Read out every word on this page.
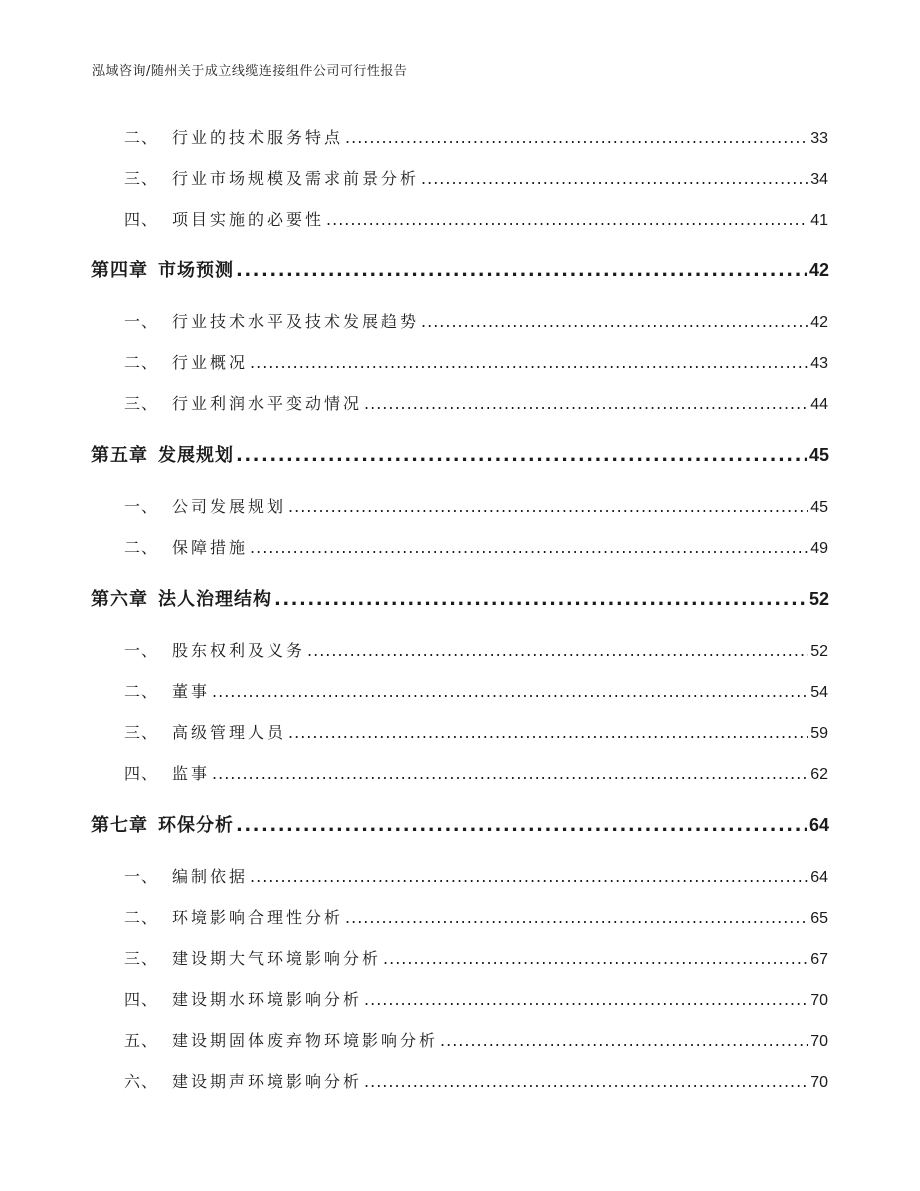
泓域咨询/随州关于成立线缆连接组件公司可行性报告
二、 行业的技术服务特点 .....	33
三、 行业市场规模及需求前景分析 .....	34
四、 项目实施的必要性 .....	41
第四章 市场预测 .....	42
一、 行业技术水平及技术发展趋势 .....	42
二、 行业概况 .....	43
三、 行业利润水平变动情况 .....	44
第五章 发展规划 .....	45
一、 公司发展规划 .....	45
二、 保障措施 .....	49
第六章 法人治理结构 .....	52
一、 股东权利及义务 .....	52
二、 董事 .....	54
三、 高级管理人员 .....	59
四、 监事 .....	62
第七章 环保分析 .....	64
一、 编制依据 .....	64
二、 环境影响合理性分析 .....	65
三、 建设期大气环境影响分析 .....	67
四、 建设期水环境影响分析 .....	70
五、 建设期固体废弃物环境影响分析 .....	70
六、 建设期声环境影响分析 .....	70
